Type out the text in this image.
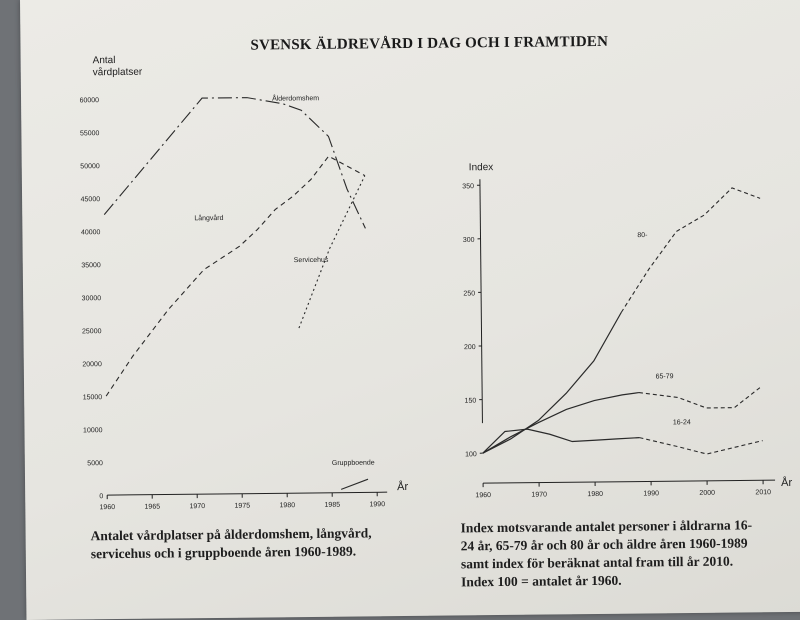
SVENSK ÄLDREVÅRD I DAG OCH I FRAMTIDEN
Antal
vårdplatser
1960	1965	1970	1975	1980	1985	1990
0
5000
10000
15000
20000
25000
30000
35000
40000
45000
50000
55000
60000
År
Ålderdomshem
Långvård
Servicehus
Gruppboende
Index
1960	1970	1980	1990	2000	2010
100
150
200
250
300
350
År
80-
65-79
16-24
Antalet vårdplatser på ålderdomshem, långvård,
servicehus och i gruppboende åren 1960-1989.
Index motsvarande antalet personer i åldrarna 16-
24 år, 65-79 år och 80 år och äldre åren 1960-1989
samt index för beräknat antal fram till år 2010.
Index 100 = antalet år 1960.
